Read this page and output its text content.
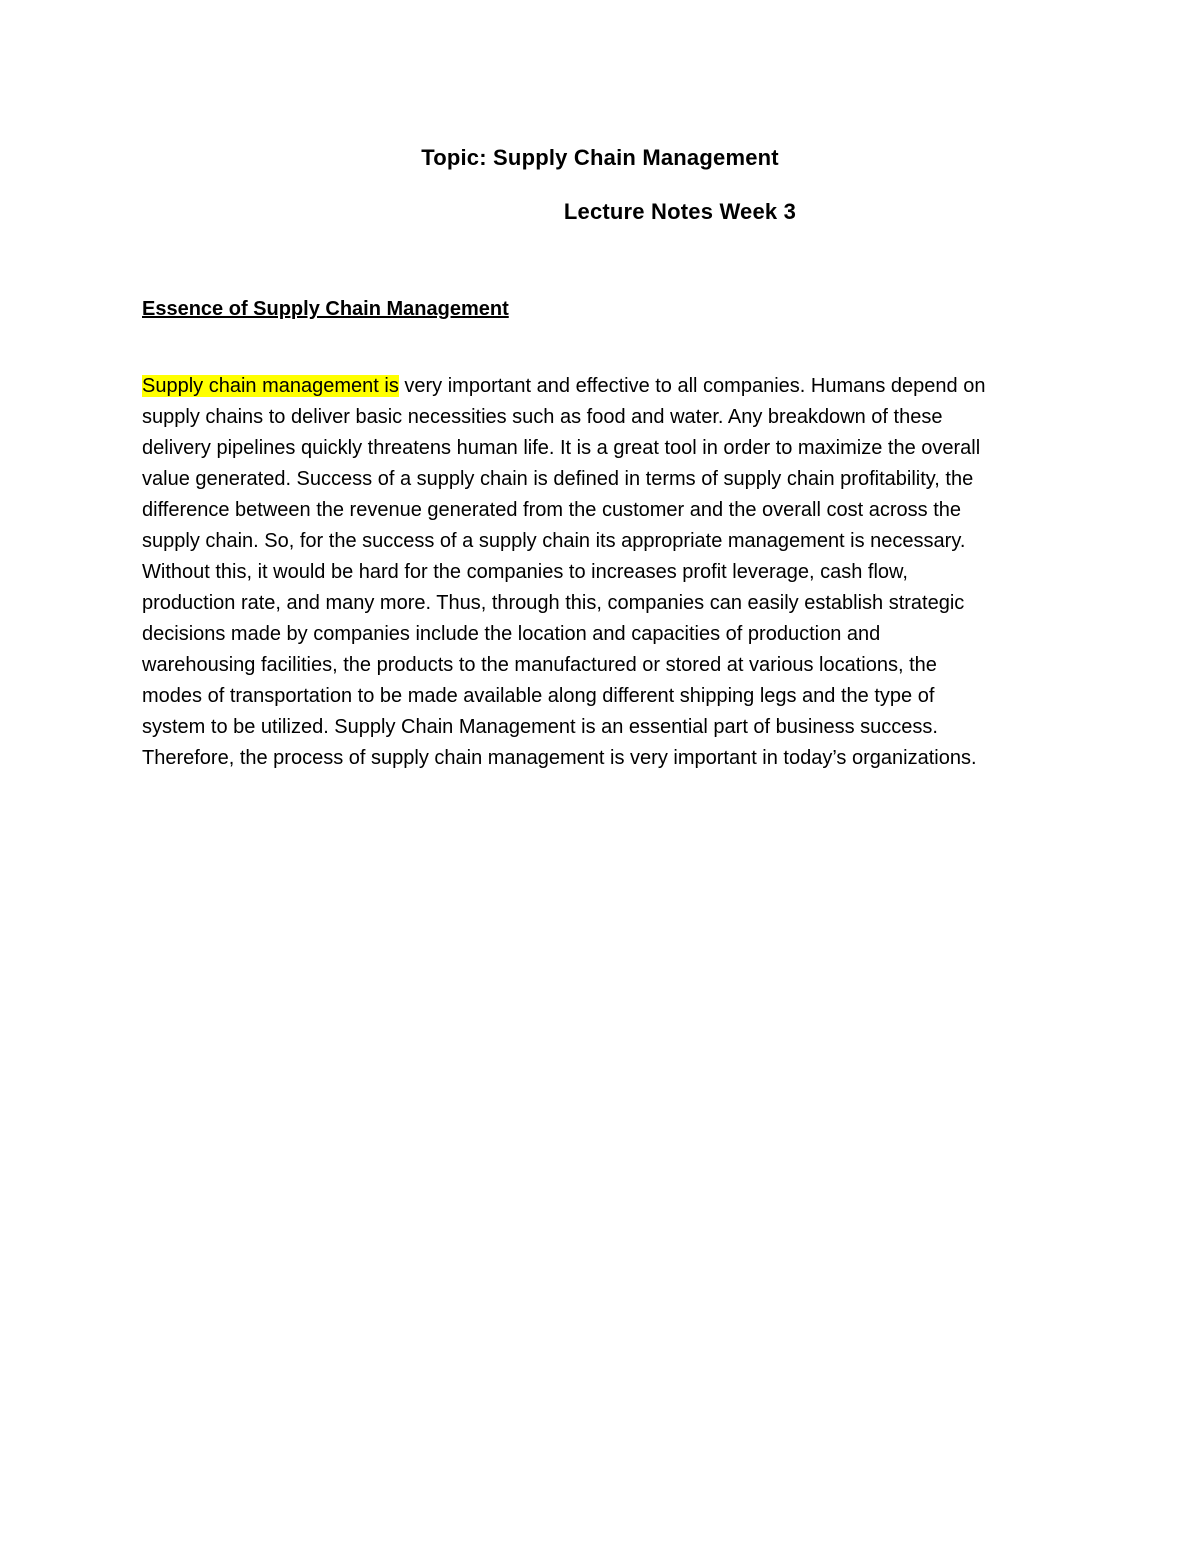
Topic: Supply Chain Management
Lecture Notes Week 3
Essence of Supply Chain Management
Supply chain management is very important and effective to all companies. Humans depend on
supply chains to deliver basic necessities such as food and water. Any breakdown of these
delivery pipelines quickly threatens human life. It is a great tool in order to maximize the overall
value generated. Success of a supply chain is defined in terms of supply chain profitability, the
difference between the revenue generated from the customer and the overall cost across the
supply chain. So, for the success of a supply chain its appropriate management is necessary.
Without this, it would be hard for the companies to increases profit leverage, cash flow,
production rate, and many more. Thus, through this, companies can easily establish strategic
decisions made by companies include the location and capacities of production and
warehousing facilities, the products to the manufactured or stored at various locations, the
modes of transportation to be made available along different shipping legs and the type of
system to be utilized. Supply Chain Management is an essential part of business success.
Therefore, the process of supply chain management is very important in today’s organizations.
